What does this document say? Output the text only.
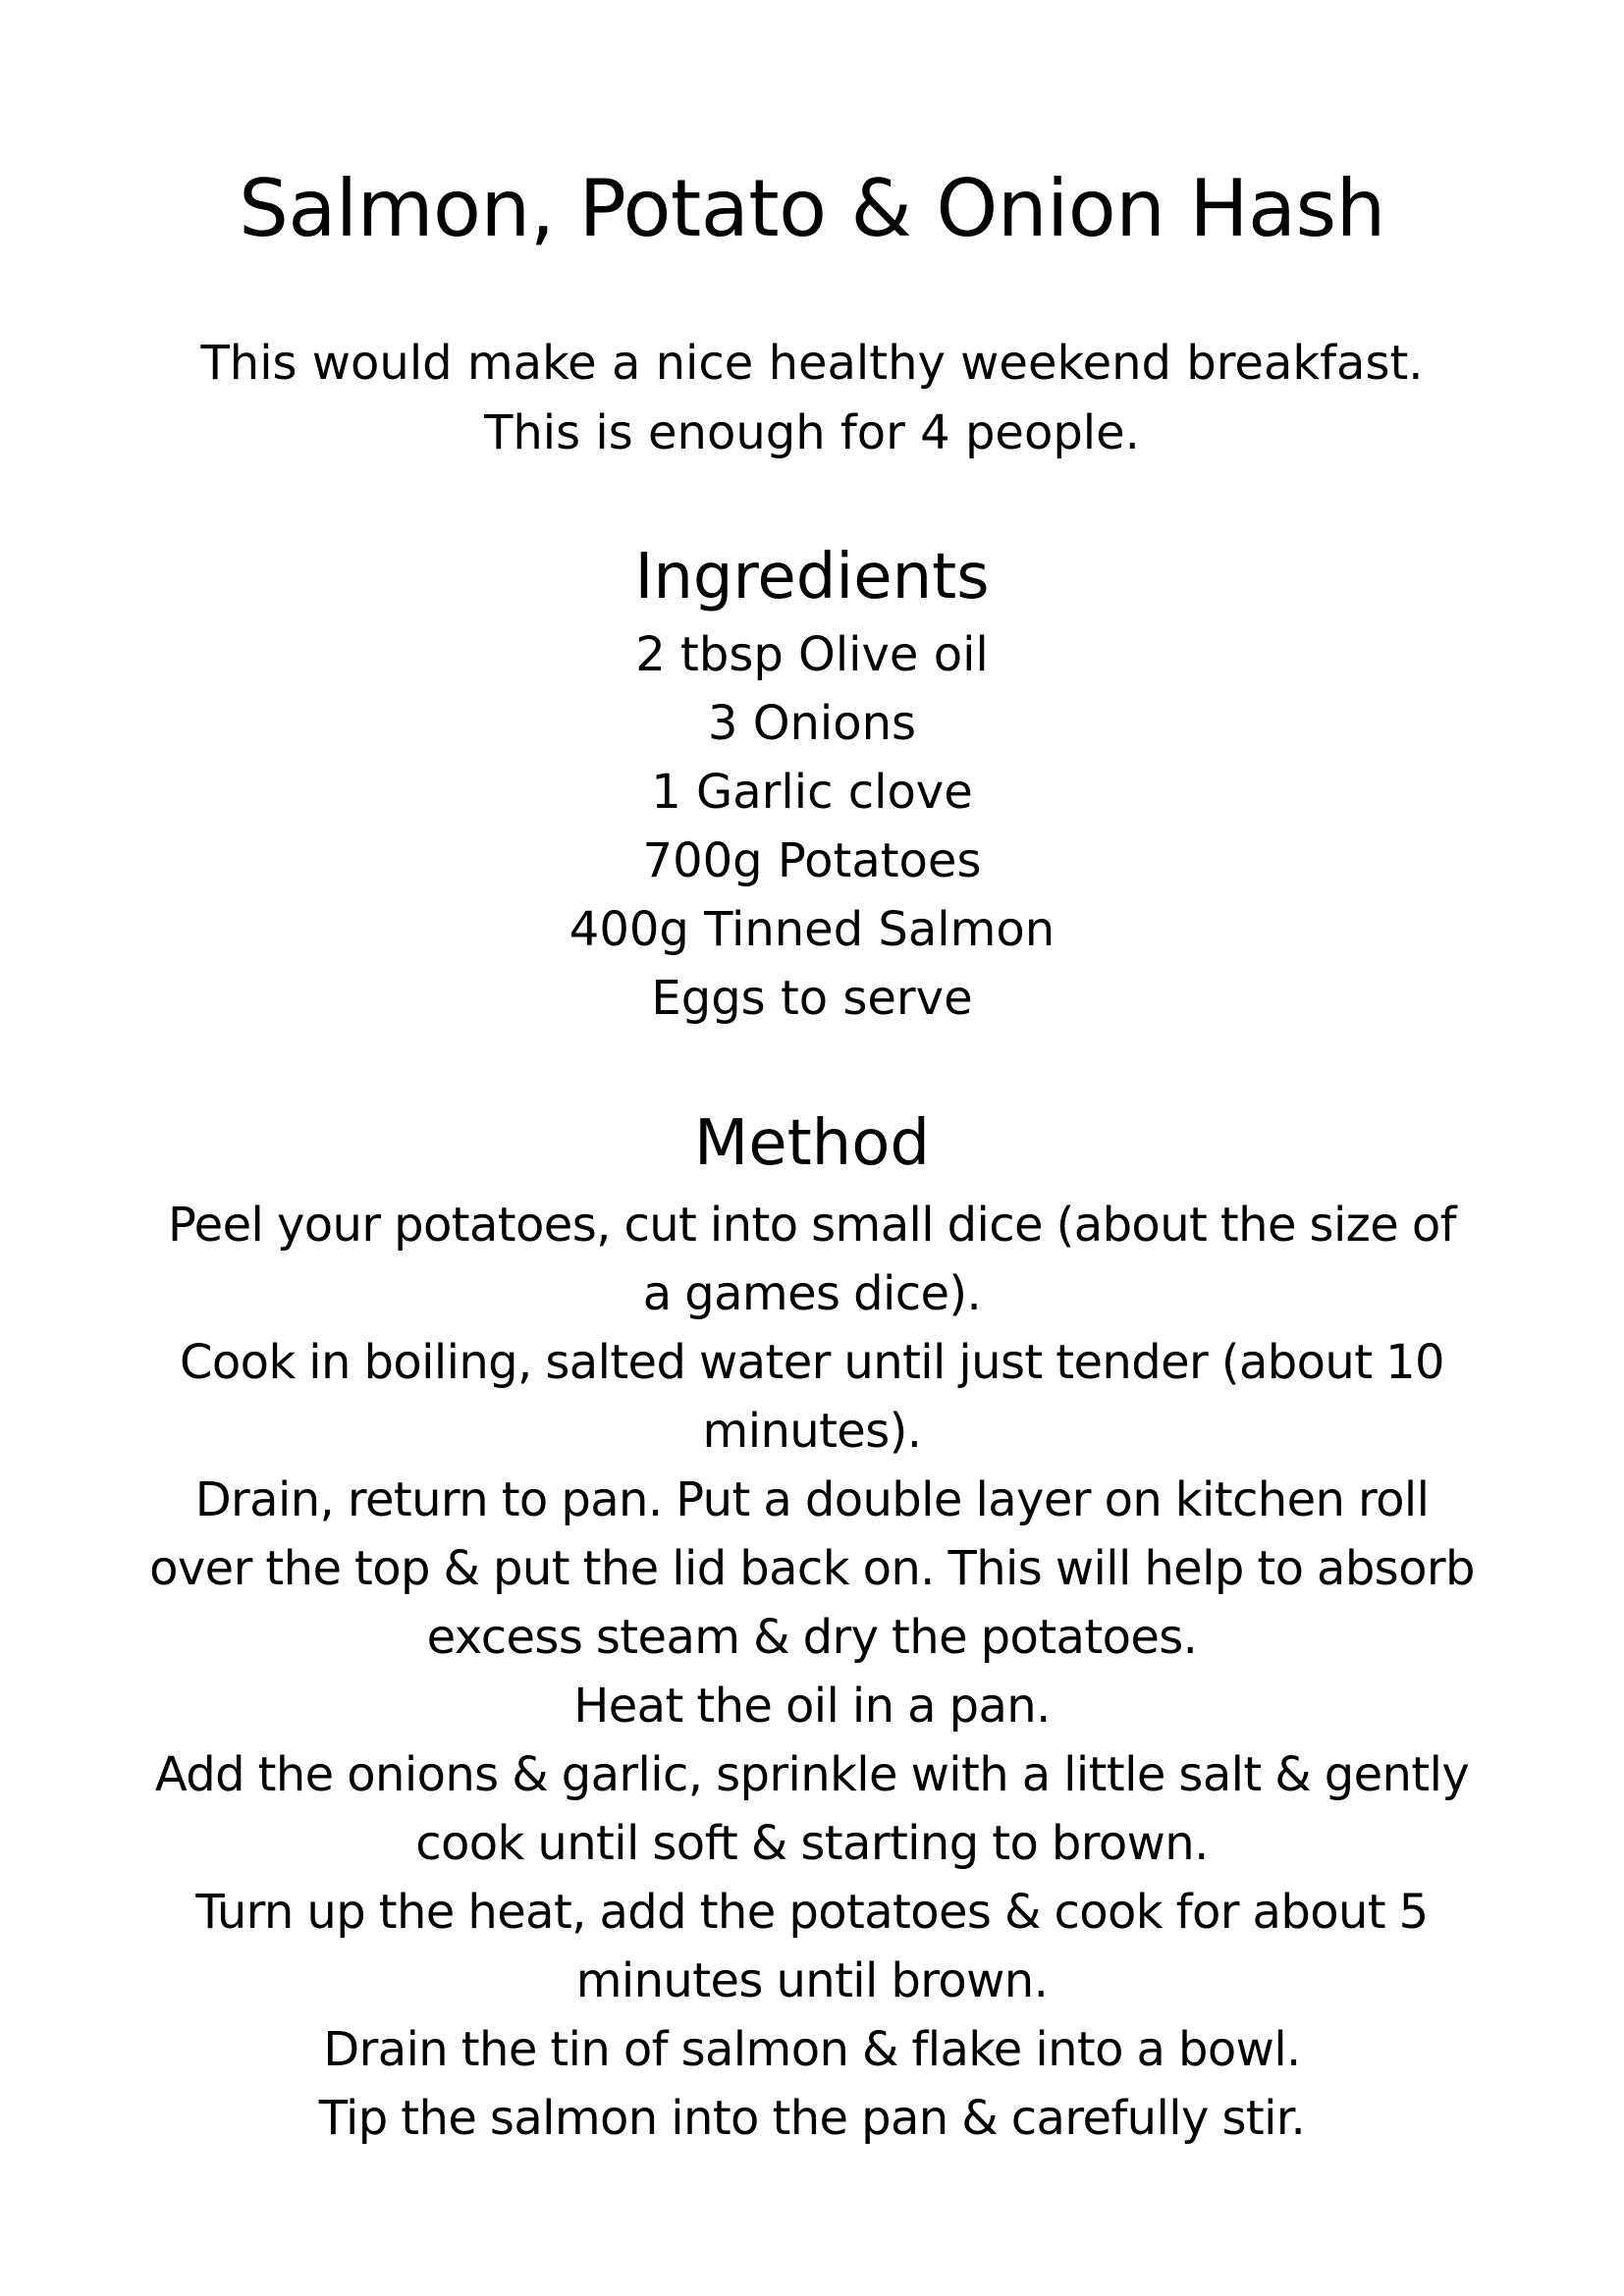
Salmon, Potato & Onion Hash
This would make a nice healthy weekend breakfast.
This is enough for 4 people.
Ingredients
2 tbsp Olive oil
3 Onions
1 Garlic clove
700g Potatoes
400g Tinned Salmon
Eggs to serve
Method

Peel your potatoes, cut into small dice (about the size of a games dice).

Cook in boiling, salted water until just tender (about 10 minutes).

Drain, return to pan. Put a double layer on kitchen roll over the top & put the lid back on. This will help to absorb excess steam & dry the potatoes.

Heat the oil in a pan.

Add the onions & garlic, sprinkle with a little salt & gently cook until soft & starting to brown.

Turn up the heat, add the potatoes & cook for about 5 minutes until brown.

Drain the tin of salmon & flake into a bowl.

Tip the salmon into the pan & carefully stir.
